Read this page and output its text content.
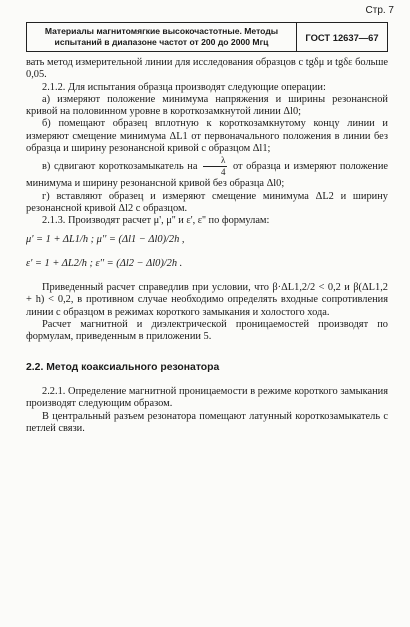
Стр. 7
Материалы магнитомягкие высокочастотные. Методы испытаний в диапазоне частот от 200 до 2000 Мгц	ГОСТ 12637—67

вать метод измерительной линии для исследования образцов с tgδμ и tgδε больше 0,05.

2.1.2. Для испытания образца производят следующие операции:

а) измеряют положение минимума напряжения и ширины резонансной кривой на половинном уровне в короткозамкнутой линии Δl0;

б) помещают образец вплотную к короткозамкнутому концу линии и измеряют смещение минимума ΔL1 от первоначального положения в линии без образца и ширину резонансной кривой с образцом Δl1;

в) сдвигают короткозамыкатель на $\frac{\lambda}{4}$ от образца и измеряют положение минимума и ширину резонансной кривой без образца Δl0;

г) вставляют образец и измеряют смещение минимума ΔL2 и ширину резонансной кривой Δl2 с образцом.

2.1.3. Производят расчет μ', μ'' и ε', ε'' по формулам:

μ' = 1 + ΔL1/h ; μ'' = (Δl1 − Δl0)/2h ,

ε' = 1 + ΔL2/h ; ε'' = (Δl2 − Δl0)/2h .

Приведенный расчет справедлив при условии, что β·ΔL1,2/2 < 0,2 и β(ΔL1,2 + h) < 0,2, в противном случае необходимо определять входные сопротивления линии с образцом в режимах короткого замыкания и холостого хода.

Расчет магнитной и диэлектрической проницаемостей производят по формулам, приведенным в приложении 5.

2.2. Метод коаксиального резонатора

2.2.1. Определение магнитной проницаемости в режиме короткого замыкания производят следующим образом.

В центральный разъем резонатора помещают латунный короткозамыкатель с петлей связи.
